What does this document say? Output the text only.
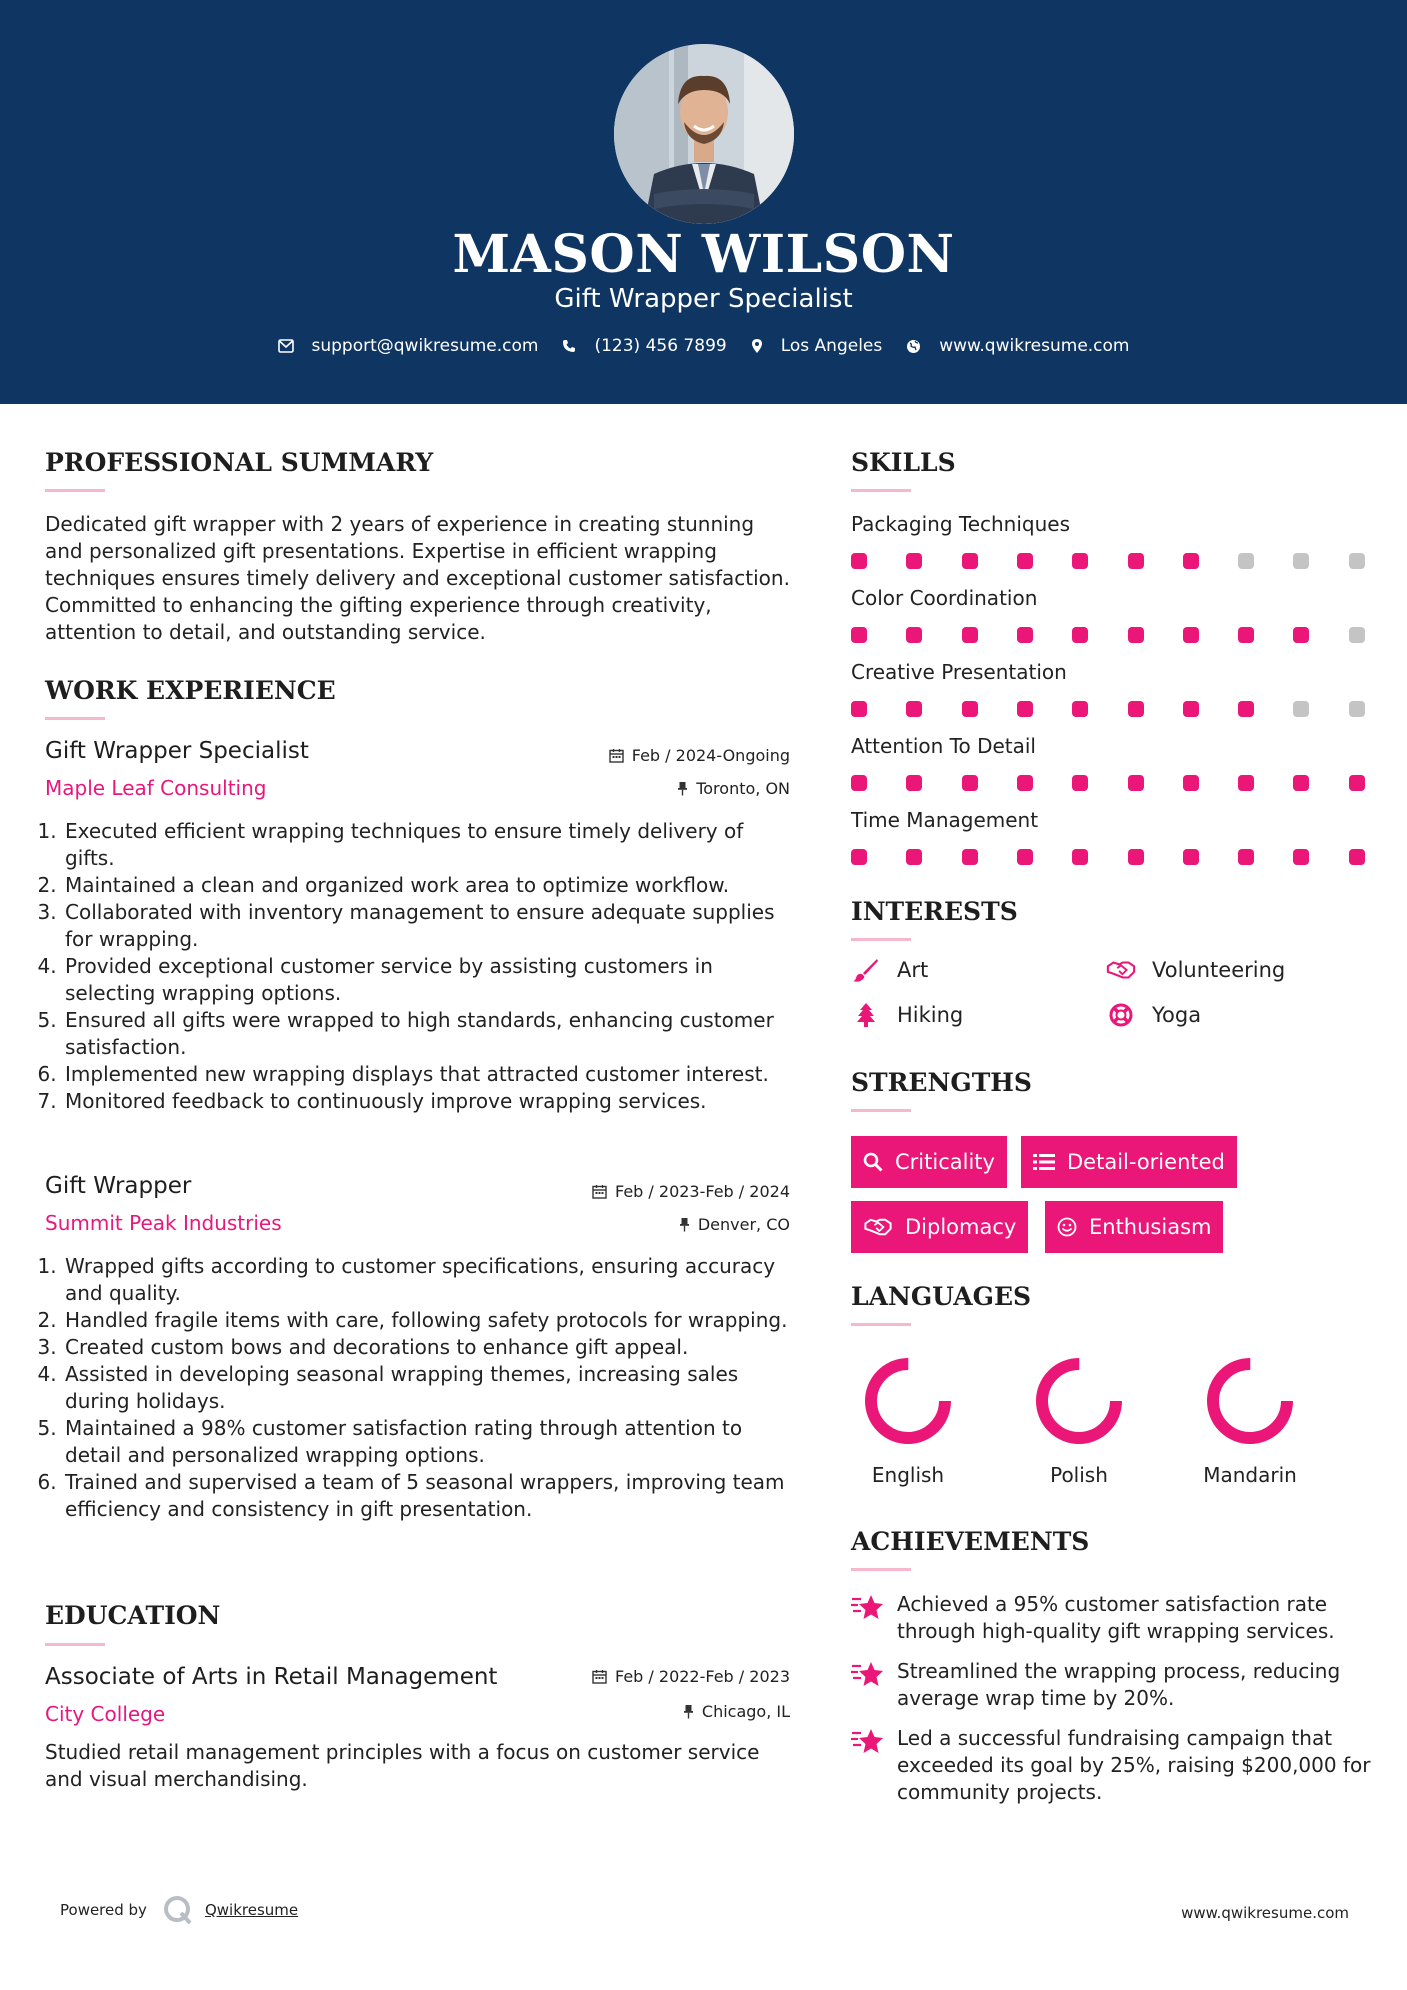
MASON WILSON
Gift Wrapper Specialist
support@qwikresume.com	(123) 456 7899	Los Angeles	www.qwikresume.com
PROFESSIONAL SUMMARY
Dedicated gift wrapper with 2 years of experience in creating stunning and personalized gift presentations. Expertise in efficient wrapping techniques ensures timely delivery and exceptional customer satisfaction. Committed to enhancing the gifting experience through creativity, attention to detail, and outstanding service.
WORK EXPERIENCE
Gift Wrapper Specialist	Feb / 2024-Ongoing
Maple Leaf Consulting	Toronto, ON
1. Executed efficient wrapping techniques to ensure timely delivery of gifts.
2. Maintained a clean and organized work area to optimize workflow.
3. Collaborated with inventory management to ensure adequate supplies for wrapping.
4. Provided exceptional customer service by assisting customers in selecting wrapping options.
5. Ensured all gifts were wrapped to high standards, enhancing customer satisfaction.
6. Implemented new wrapping displays that attracted customer interest.
7. Monitored feedback to continuously improve wrapping services.
Gift Wrapper	Feb / 2023-Feb / 2024
Summit Peak Industries	Denver, CO
1. Wrapped gifts according to customer specifications, ensuring accuracy and quality.
2. Handled fragile items with care, following safety protocols for wrapping.
3. Created custom bows and decorations to enhance gift appeal.
4. Assisted in developing seasonal wrapping themes, increasing sales during holidays.
5. Maintained a 98% customer satisfaction rating through attention to detail and personalized wrapping options.
6. Trained and supervised a team of 5 seasonal wrappers, improving team efficiency and consistency in gift presentation.
EDUCATION
Associate of Arts in Retail Management	Feb / 2022-Feb / 2023
City College	Chicago, IL
Studied retail management principles with a focus on customer service and visual merchandising.
SKILLS
Packaging Techniques
Color Coordination
Creative Presentation
Attention To Detail
Time Management
INTERESTS
Art	Volunteering
Hiking	Yoga
STRENGTHS
Criticality	Detail-oriented
Diplomacy	Enthusiasm
LANGUAGES
English	Polish	Mandarin
ACHIEVEMENTS
Achieved a 95% customer satisfaction rate through high-quality gift wrapping services.
Streamlined the wrapping process, reducing average wrap time by 20%.
Led a successful fundraising campaign that exceeded its goal by 25%, raising $200,000 for community projects.
Powered by	Qwikresume	www.qwikresume.com
